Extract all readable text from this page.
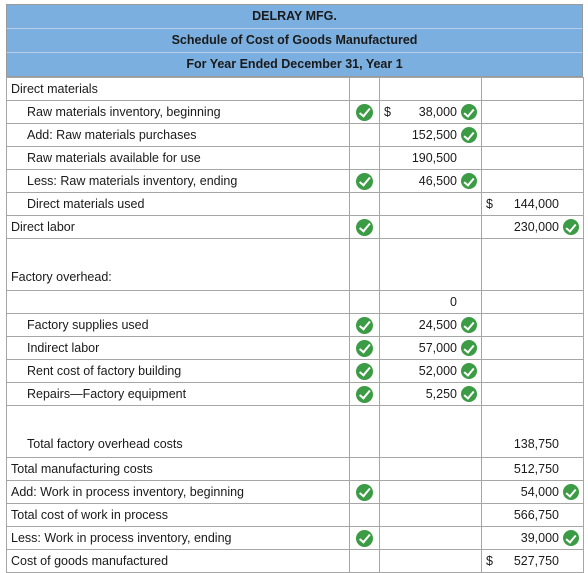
DELRAY MFG.
Schedule of Cost of Goods Manufactured
For Year Ended December 31, Year 1
Direct materials		

Raw materials inventory, beginning		$ 38,000	

Add: Raw materials purchases		152,500	

Raw materials available for use		190,500	

Less: Raw materials inventory, ending		46,500	

Direct materials used			$ 144,000

Direct labor			230,000

Factory overhead:		

		0	

Factory supplies used		24,500	

Indirect labor		57,000	

Rent cost of factory building		52,000	

Repairs—Factory equipment		5,250	

Total factory overhead costs			138,750

Total manufacturing costs			512,750

Add: Work in process inventory, beginning			54,000

Total cost of work in process			566,750

Less: Work in process inventory, ending			39,000

Cost of goods manufactured			$ 527,750
